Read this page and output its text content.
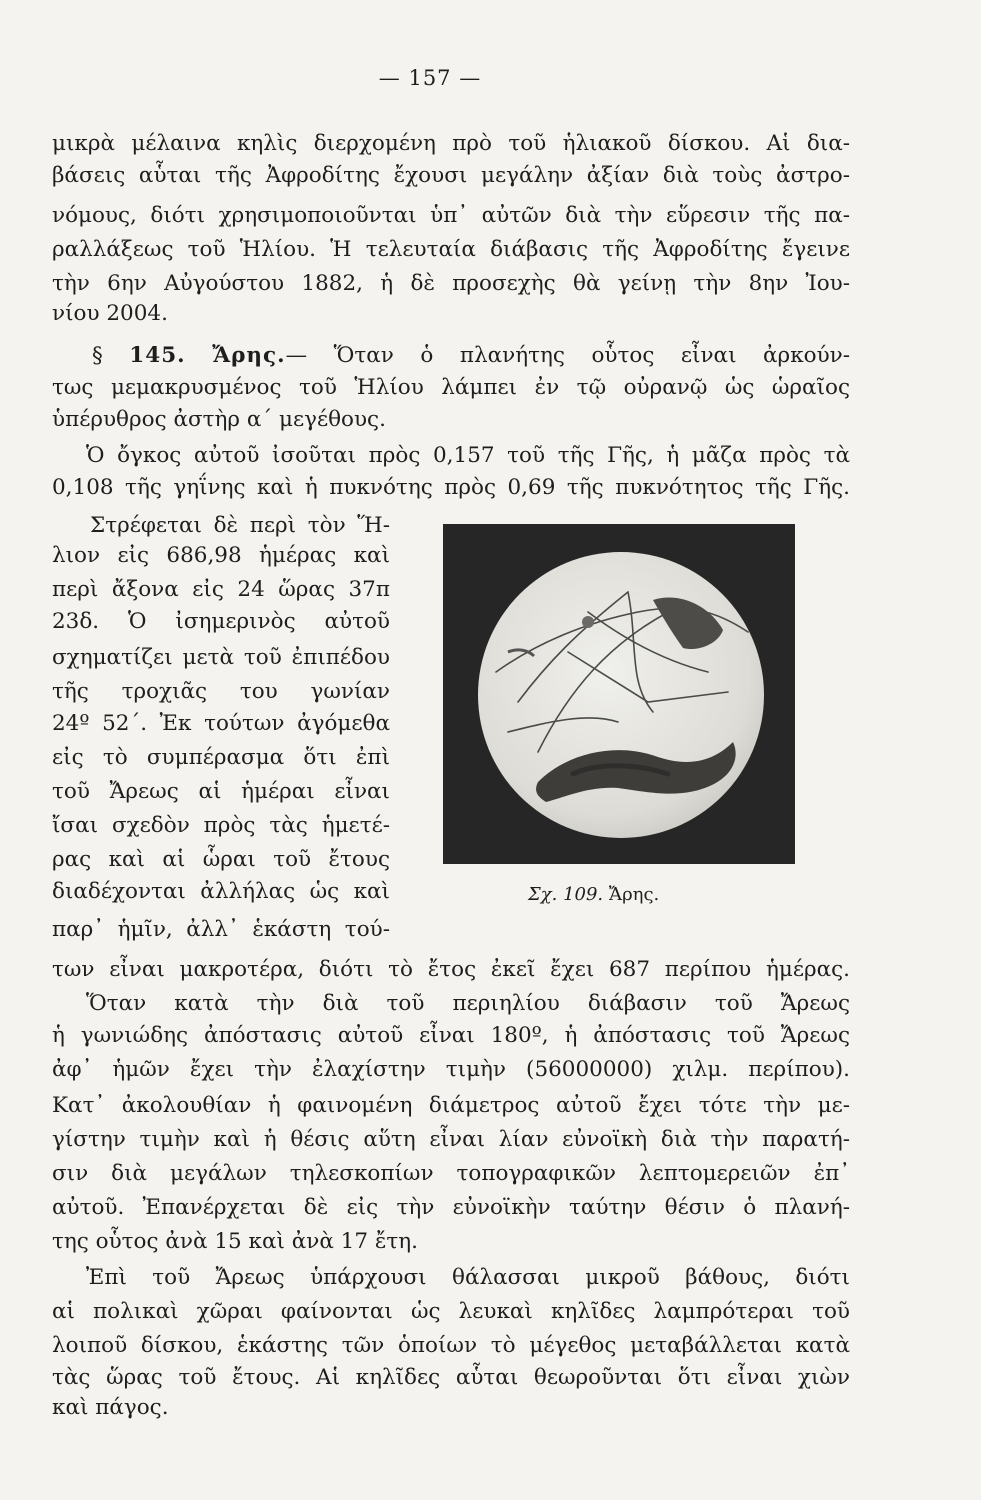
— 157 —
μικρὰ μέλαινα κηλὶς διερχομένη πρὸ τοῦ ἡλιακοῦ δίσκου. Αἱ δια-
βάσεις αὗται τῆς Ἀφροδίτης ἔχουσι μεγάλην ἀξίαν διὰ τοὺς ἀστρο-
νόμους, διότι χρησιμοποιοῦνται ὑπ᾽ αὐτῶν διὰ τὴν εὕρεσιν τῆς πα-
ραλλάξεως τοῦ Ἡλίου. Ἡ τελευταία διάβασις τῆς Ἀφροδίτης ἔγεινε
τὴν 6ην Αὐγούστου 1882, ἡ δὲ προσεχὴς θὰ γείνῃ τὴν 8ην Ἰου-
νίου 2004.
§ 145. Ἄρης.— Ὅταν ὁ πλανήτης οὗτος εἶναι ἀρκούν-
τως μεμακρυσμένος τοῦ Ἡλίου λάμπει ἐν τῷ οὐρανῷ ὡς ὡραῖος
ὑπέρυθρος ἀστὴρ α´ μεγέθους.
Ὁ ὄγκος αὐτοῦ ἰσοῦται πρὸς 0,157 τοῦ τῆς Γῆς, ἡ μᾶζα πρὸς τὰ
0,108 τῆς γηΐνης καὶ ἡ πυκνότης πρὸς 0,69 τῆς πυκνότητος τῆς Γῆς.
Στρέφεται δὲ περὶ τὸν Ἥ-
λιον εἰς 686,98 ἡμέρας καὶ
περὶ ἄξονα εἰς 24 ὥρας 37π
23δ. Ὁ ἰσημερινὸς αὐτοῦ
σχηματίζει μετὰ τοῦ ἐπιπέδου
τῆς τροχιᾶς του γωνίαν
24º 52´. Ἐκ τούτων ἀγόμεθα
εἰς τὸ συμπέρασμα ὅτι ἐπὶ
τοῦ Ἄρεως αἱ ἡμέραι εἶναι
ἴσαι σχεδὸν πρὸς τὰς ἡμετέ-
ρας καὶ αἱ ὧραι τοῦ ἔτους
διαδέχονται ἀλλήλας ὡς καὶ
παρ᾽ ἡμῖν, ἀλλ᾽ ἑκάστη τού-
των εἶναι μακροτέρα, διότι τὸ ἔτος ἐκεῖ ἔχει 687 περίπου ἡμέρας.
Σχ. 109. Ἄρης.
Ὅταν κατὰ τὴν διὰ τοῦ περιηλίου διάβασιν τοῦ Ἄρεως
ἡ γωνιώδης ἀπόστασις αὐτοῦ εἶναι 180º, ἡ ἀπόστασις τοῦ Ἄρεως
ἀφ᾽ ἡμῶν ἔχει τὴν ἐλαχίστην τιμὴν (56000000) χιλμ. περίπου).
Κατ᾽ ἀκολουθίαν ἡ φαινομένη διάμετρος αὐτοῦ ἔχει τότε τὴν με-
γίστην τιμὴν καὶ ἡ θέσις αὕτη εἶναι λίαν εὐνοϊκὴ διὰ τὴν παρατή-
σιν διὰ μεγάλων τηλεσκοπίων τοπογραφικῶν λεπτομερειῶν ἐπ᾽
αὐτοῦ. Ἐπανέρχεται δὲ εἰς τὴν εὐνοϊκὴν ταύτην θέσιν ὁ πλανή-
της οὗτος ἀνὰ 15 καὶ ἀνὰ 17 ἔτη.
Ἐπὶ τοῦ Ἄρεως ὑπάρχουσι θάλασσαι μικροῦ βάθους, διότι
αἱ πολικαὶ χῶραι φαίνονται ὡς λευκαὶ κηλῖδες λαμπρότεραι τοῦ
λοιποῦ δίσκου, ἑκάστης τῶν ὁποίων τὸ μέγεθος μεταβάλλεται κατὰ
τὰς ὥρας τοῦ ἔτους. Αἱ κηλῖδες αὗται θεωροῦνται ὅτι εἶναι χιὼν
καὶ πάγος.
